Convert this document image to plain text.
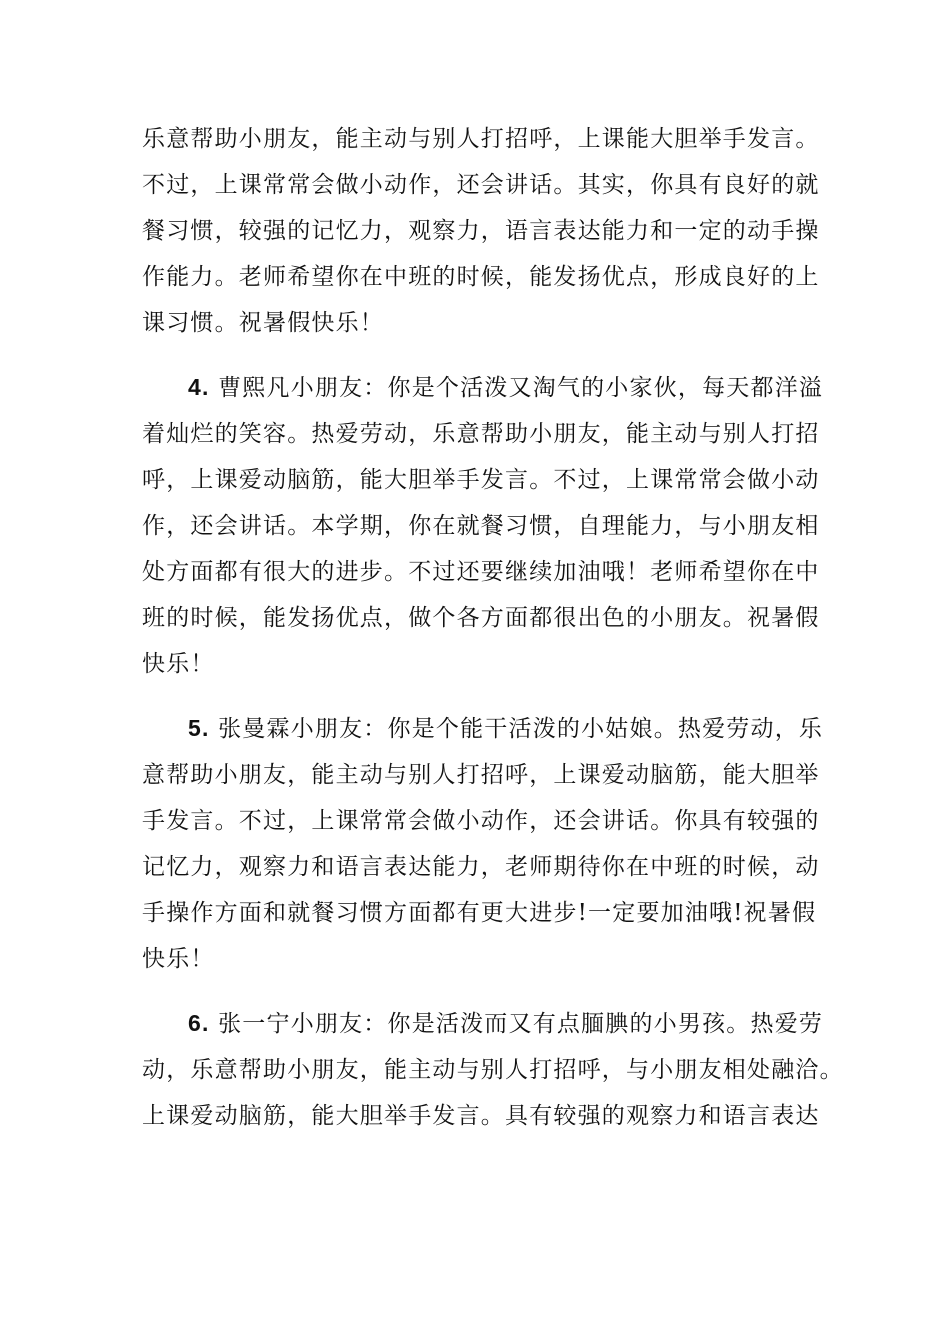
乐意帮助小朋友，能主动与别人打招呼，上课能大胆举手发言。
不过，上课常常会做小动作，还会讲话。其实，你具有良好的就
餐习惯，较强的记忆力，观察力，语言表达能力和一定的动手操
作能力。老师希望你在中班的时候，能发扬优点，形成良好的上
课习惯。祝暑假快乐！
4. 曹熙凡小朋友：你是个活泼又淘气的小家伙，每天都洋溢
着灿烂的笑容。热爱劳动，乐意帮助小朋友，能主动与别人打招
呼，上课爱动脑筋，能大胆举手发言。不过，上课常常会做小动
作，还会讲话。本学期，你在就餐习惯，自理能力，与小朋友相
处方面都有很大的进步。不过还要继续加油哦！老师希望你在中
班的时候，能发扬优点，做个各方面都很出色的小朋友。祝暑假
快乐！
5. 张曼霖小朋友：你是个能干活泼的小姑娘。热爱劳动，乐
意帮助小朋友，能主动与别人打招呼，上课爱动脑筋，能大胆举
手发言。不过，上课常常会做小动作，还会讲话。你具有较强的
记忆力，观察力和语言表达能力，老师期待你在中班的时候，动
手操作方面和就餐习惯方面都有更大进步!一定要加油哦!祝暑假
快乐！
6. 张一宁小朋友：你是活泼而又有点腼腆的小男孩。热爱劳
动，乐意帮助小朋友，能主动与别人打招呼，与小朋友相处融洽。
上课爱动脑筋，能大胆举手发言。具有较强的观察力和语言表达
